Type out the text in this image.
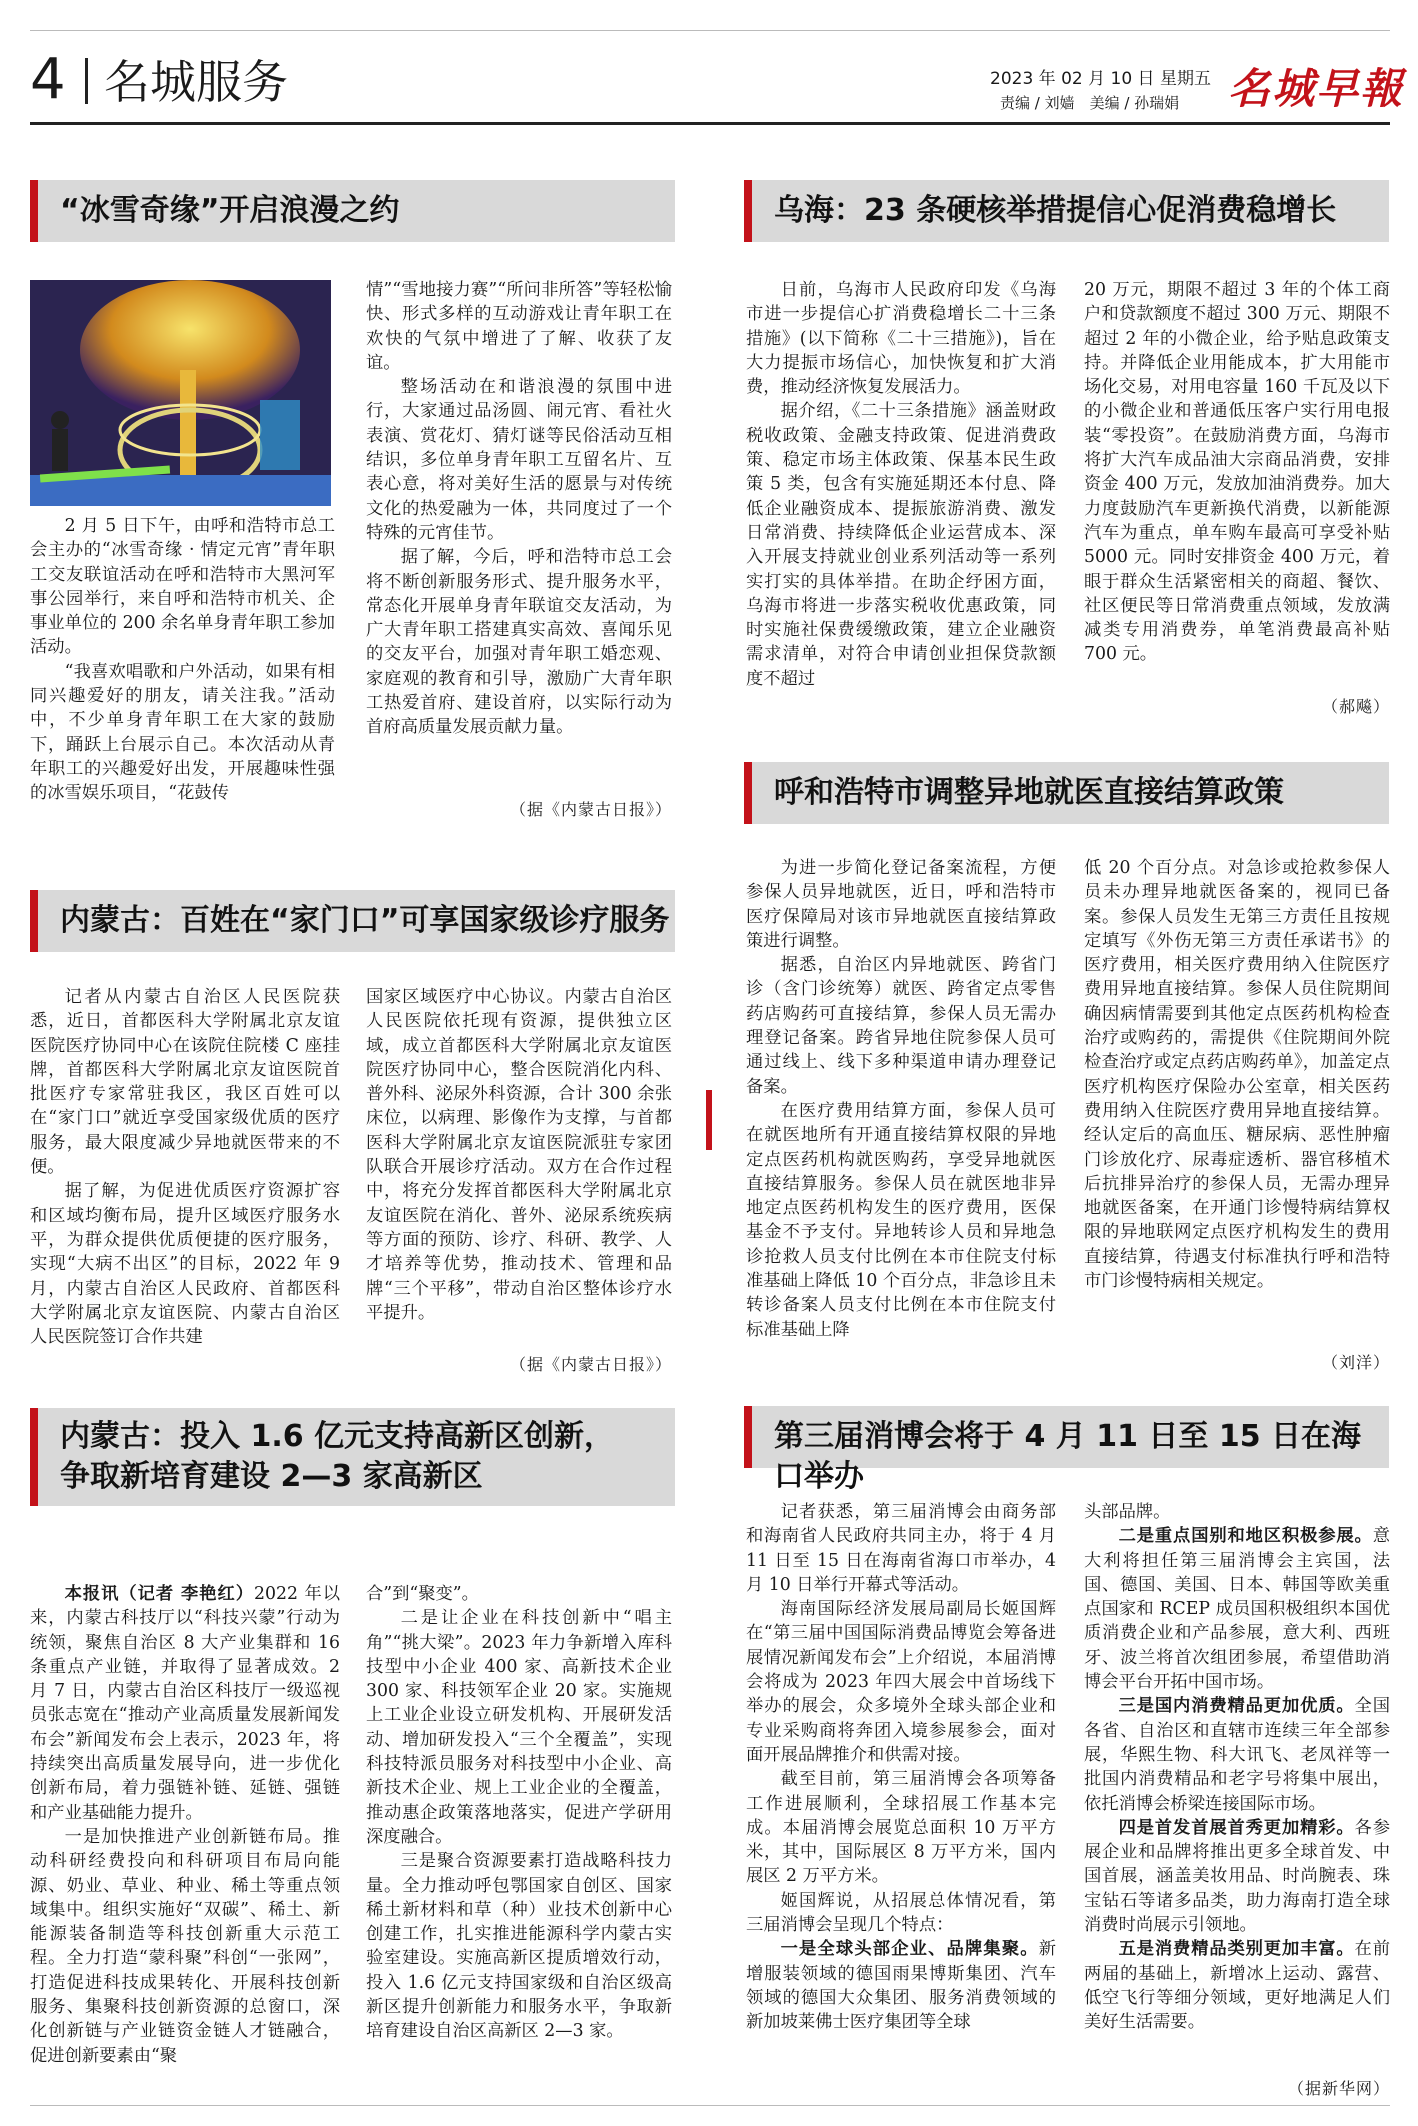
4 名城服务	2023 年 02 月 10 日 星期五
责编 / 刘嫱　美编 / 孙瑞娟 名城早報
“冰雪奇缘”开启浪漫之约

2 月 5 日下午，由呼和浩特市总工会主办的“冰雪奇缘 · 情定元宵”青年职工交友联谊活动在呼和浩特市大黑河军事公园举行，来自呼和浩特市机关、企事业单位的 200 余名单身青年职工参加活动。

“我喜欢唱歌和户外活动，如果有相同兴趣爱好的朋友，请关注我。”活动中，不少单身青年职工在大家的鼓励下，踊跃上台展示自己。本次活动从青年职工的兴趣爱好出发，开展趣味性强的冰雪娱乐项目，“花鼓传

情”“雪地接力赛”“所问非所答”等轻松愉快、形式多样的互动游戏让青年职工在欢快的气氛中增进了了解、收获了友谊。

整场活动在和谐浪漫的氛围中进行，大家通过品汤圆、闹元宵、看社火表演、赏花灯、猜灯谜等民俗活动互相结识，多位单身青年职工互留名片、互表心意，将对美好生活的愿景与对传统文化的热爱融为一体，共同度过了一个特殊的元宵佳节。

据了解，今后，呼和浩特市总工会将不断创新服务形式、提升服务水平，常态化开展单身青年联谊交友活动，为广大青年职工搭建真实高效、喜闻乐见的交友平台，加强对青年职工婚恋观、家庭观的教育和引导，激励广大青年职工热爱首府、建设首府，以实际行动为首府高质量发展贡献力量。

（据《内蒙古日报》）
乌海：23 条硬核举措提信心促消费稳增长

日前，乌海市人民政府印发《乌海市进一步提信心扩消费稳增长二十三条措施》(以下简称《二十三措施》)，旨在大力提振市场信心，加快恢复和扩大消费，推动经济恢复发展活力。

据介绍，《二十三条措施》涵盖财政税收政策、金融支持政策、促进消费政策、稳定市场主体政策、保基本民生政策 5 类，包含有实施延期还本付息、降低企业融资成本、提振旅游消费、激发日常消费、持续降低企业运营成本、深入开展支持就业创业系列活动等一系列实打实的具体举措。在助企纾困方面，乌海市将进一步落实税收优惠政策，同时实施社保费缓缴政策，建立企业融资需求清单，对符合申请创业担保贷款额度不超过

20 万元，期限不超过 3 年的个体工商户和贷款额度不超过 300 万元、期限不超过 2 年的小微企业，给予贴息政策支持。并降低企业用能成本，扩大用能市场化交易，对用电容量 160 千瓦及以下的小微企业和普通低压客户实行用电报装“零投资”。在鼓励消费方面，乌海市将扩大汽车成品油大宗商品消费，安排资金 400 万元，发放加油消费券。加大力度鼓励汽车更新换代消费，以新能源汽车为重点，单车购车最高可享受补贴 5000 元。同时安排资金 400 万元，着眼于群众生活紧密相关的商超、餐饮、社区便民等日常消费重点领域，发放满减类专用消费券，单笔消费最高补贴 700 元。

（郝飚）
内蒙古：百姓在“家门口”可享国家级诊疗服务

记者从内蒙古自治区人民医院获悉，近日，首都医科大学附属北京友谊医院医疗协同中心在该院住院楼 C 座挂牌，首都医科大学附属北京友谊医院首批医疗专家常驻我区，我区百姓可以在“家门口”就近享受国家级优质的医疗服务，最大限度减少异地就医带来的不便。

据了解，为促进优质医疗资源扩容和区域均衡布局，提升区域医疗服务水平，为群众提供优质便捷的医疗服务，实现“大病不出区”的目标，2022 年 9 月，内蒙古自治区人民政府、首都医科大学附属北京友谊医院、内蒙古自治区人民医院签订合作共建

国家区域医疗中心协议。内蒙古自治区人民医院依托现有资源，提供独立区域，成立首都医科大学附属北京友谊医院医疗协同中心，整合医院消化内科、普外科、泌尿外科资源，合计 300 余张床位，以病理、影像作为支撑，与首都医科大学附属北京友谊医院派驻专家团队联合开展诊疗活动。双方在合作过程中，将充分发挥首都医科大学附属北京友谊医院在消化、普外、泌尿系统疾病等方面的预防、诊疗、科研、教学、人才培养等优势，推动技术、管理和品牌“三个平移”，带动自治区整体诊疗水平提升。

（据《内蒙古日报》）
呼和浩特市调整异地就医直接结算政策

为进一步简化登记备案流程，方便参保人员异地就医，近日，呼和浩特市医疗保障局对该市异地就医直接结算政策进行调整。

据悉，自治区内异地就医、跨省门诊（含门诊统筹）就医、跨省定点零售药店购药可直接结算，参保人员无需办理登记备案。跨省异地住院参保人员可通过线上、线下多种渠道申请办理登记备案。

在医疗费用结算方面，参保人员可在就医地所有开通直接结算权限的异地定点医药机构就医购药，享受异地就医直接结算服务。参保人员在就医地非异地定点医药机构发生的医疗费用，医保基金不予支付。异地转诊人员和异地急诊抢救人员支付比例在本市住院支付标准基础上降低 10 个百分点，非急诊且未转诊备案人员支付比例在本市住院支付标准基础上降

低 20 个百分点。对急诊或抢救参保人员未办理异地就医备案的，视同已备案。参保人员发生无第三方责任且按规定填写《外伤无第三方责任承诺书》的医疗费用，相关医疗费用纳入住院医疗费用异地直接结算。参保人员住院期间确因病情需要到其他定点医药机构检查治疗或购药的，需提供《住院期间外院检查治疗或定点药店购药单》，加盖定点医疗机构医疗保险办公室章，相关医药费用纳入住院医疗费用异地直接结算。经认定后的高血压、糖尿病、恶性肿瘤门诊放化疗、尿毒症透析、器官移植术后抗排异治疗的参保人员，无需办理异地就医备案，在开通门诊慢特病结算权限的异地联网定点医疗机构发生的费用直接结算，待遇支付标准执行呼和浩特市门诊慢特病相关规定。

（刘洋）
内蒙古：投入 1.6 亿元支持高新区创新，
争取新培育建设 2—3 家高新区

本报讯（记者 李艳红）2022 年以来，内蒙古科技厅以“科技兴蒙”行动为统领，聚焦自治区 8 大产业集群和 16 条重点产业链，并取得了显著成效。2 月 7 日，内蒙古自治区科技厅一级巡视员张志宽在“推动产业高质量发展新闻发布会”新闻发布会上表示，2023 年，将持续突出高质量发展导向，进一步优化创新布局，着力强链补链、延链、强链和产业基础能力提升。

一是加快推进产业创新链布局。推动科研经费投向和科研项目布局向能源、奶业、草业、种业、稀土等重点领域集中。组织实施好“双碳”、稀土、新能源装备制造等科技创新重大示范工程。全力打造“蒙科聚”科创“一张网”，打造促进科技成果转化、开展科技创新服务、集聚科技创新资源的总窗口，深化创新链与产业链资金链人才链融合，促进创新要素由“聚

合”到“聚变”。

二是让企业在科技创新中“唱主角”“挑大梁”。2023 年力争新增入库科技型中小企业 400 家、高新技术企业 300 家、科技领军企业 20 家。实施规上工业企业设立研发机构、开展研发活动、增加研发投入“三个全覆盖”，实现科技特派员服务对科技型中小企业、高新技术企业、规上工业企业的全覆盖，推动惠企政策落地落实，促进产学研用深度融合。

三是聚合资源要素打造战略科技力量。全力推动呼包鄂国家自创区、国家稀土新材料和草（种）业技术创新中心创建工作，扎实推进能源科学内蒙古实验室建设。实施高新区提质增效行动，投入 1.6 亿元支持国家级和自治区级高新区提升创新能力和服务水平，争取新培育建设自治区高新区 2—3 家。

第三届消博会将于 4 月 11 日至 15 日在海口举办

记者获悉，第三届消博会由商务部和海南省人民政府共同主办，将于 4 月 11 日至 15 日在海南省海口市举办，4 月 10 日举行开幕式等活动。

海南国际经济发展局副局长姬国辉在“第三届中国国际消费品博览会筹备进展情况新闻发布会”上介绍说，本届消博会将成为 2023 年四大展会中首场线下举办的展会，众多境外全球头部企业和专业采购商将奔团入境参展参会，面对面开展品牌推介和供需对接。

截至目前，第三届消博会各项筹备工作进展顺利，全球招展工作基本完成。本届消博会展览总面积 10 万平方米，其中，国际展区 8 万平方米，国内展区 2 万平方米。

姬国辉说，从招展总体情况看，第三届消博会呈现几个特点：

一是全球头部企业、品牌集聚。新增服装领域的德国雨果博斯集团、汽车领域的德国大众集团、服务消费领域的新加坡莱佛士医疗集团等全球

头部品牌。

二是重点国别和地区积极参展。意大利将担任第三届消博会主宾国，法国、德国、美国、日本、韩国等欧美重点国家和 RCEP 成员国积极组织本国优质消费企业和产品参展，意大利、西班牙、波兰将首次组团参展，希望借助消博会平台开拓中国市场。

三是国内消费精品更加优质。全国各省、自治区和直辖市连续三年全部参展，华熙生物、科大讯飞、老凤祥等一批国内消费精品和老字号将集中展出，依托消博会桥梁连接国际市场。

四是首发首展首秀更加精彩。各参展企业和品牌将推出更多全球首发、中国首展，涵盖美妆用品、时尚腕表、珠宝钻石等诸多品类，助力海南打造全球消费时尚展示引领地。

五是消费精品类别更加丰富。在前两届的基础上，新增冰上运动、露营、低空飞行等细分领域，更好地满足人们美好生活需要。

（据新华网）
